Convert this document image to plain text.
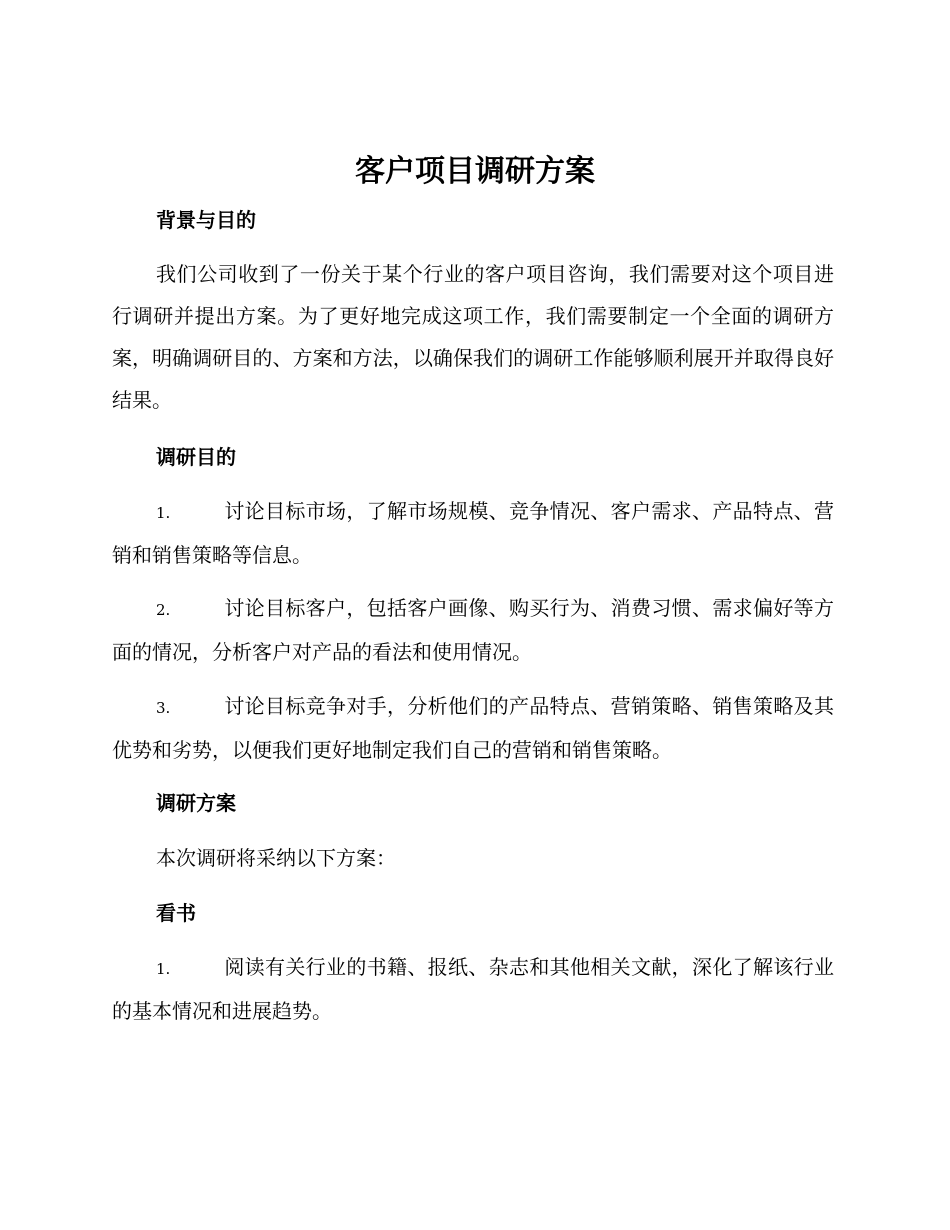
客户项目调研方案
背景与目的
我们公司收到了一份关于某个行业的客户项目咨询，我们需要对这个项目进行调研并提出方案。为了更好地完成这项工作，我们需要制定一个全面的调研方案，明确调研目的、方案和方法，以确保我们的调研工作能够顺利展开并取得良好结果。
调研目的
1.	讨论目标市场，了解市场规模、竞争情况、客户需求、产品特点、营销和销售策略等信息。
2.	讨论目标客户，包括客户画像、购买行为、消费习惯、需求偏好等方面的情况，分析客户对产品的看法和使用情况。
3.	讨论目标竞争对手，分析他们的产品特点、营销策略、销售策略及其优势和劣势，以便我们更好地制定我们自己的营销和销售策略。
调研方案
本次调研将采纳以下方案：
看书
1.	阅读有关行业的书籍、报纸、杂志和其他相关文献，深化了解该行业的基本情况和进展趋势。
